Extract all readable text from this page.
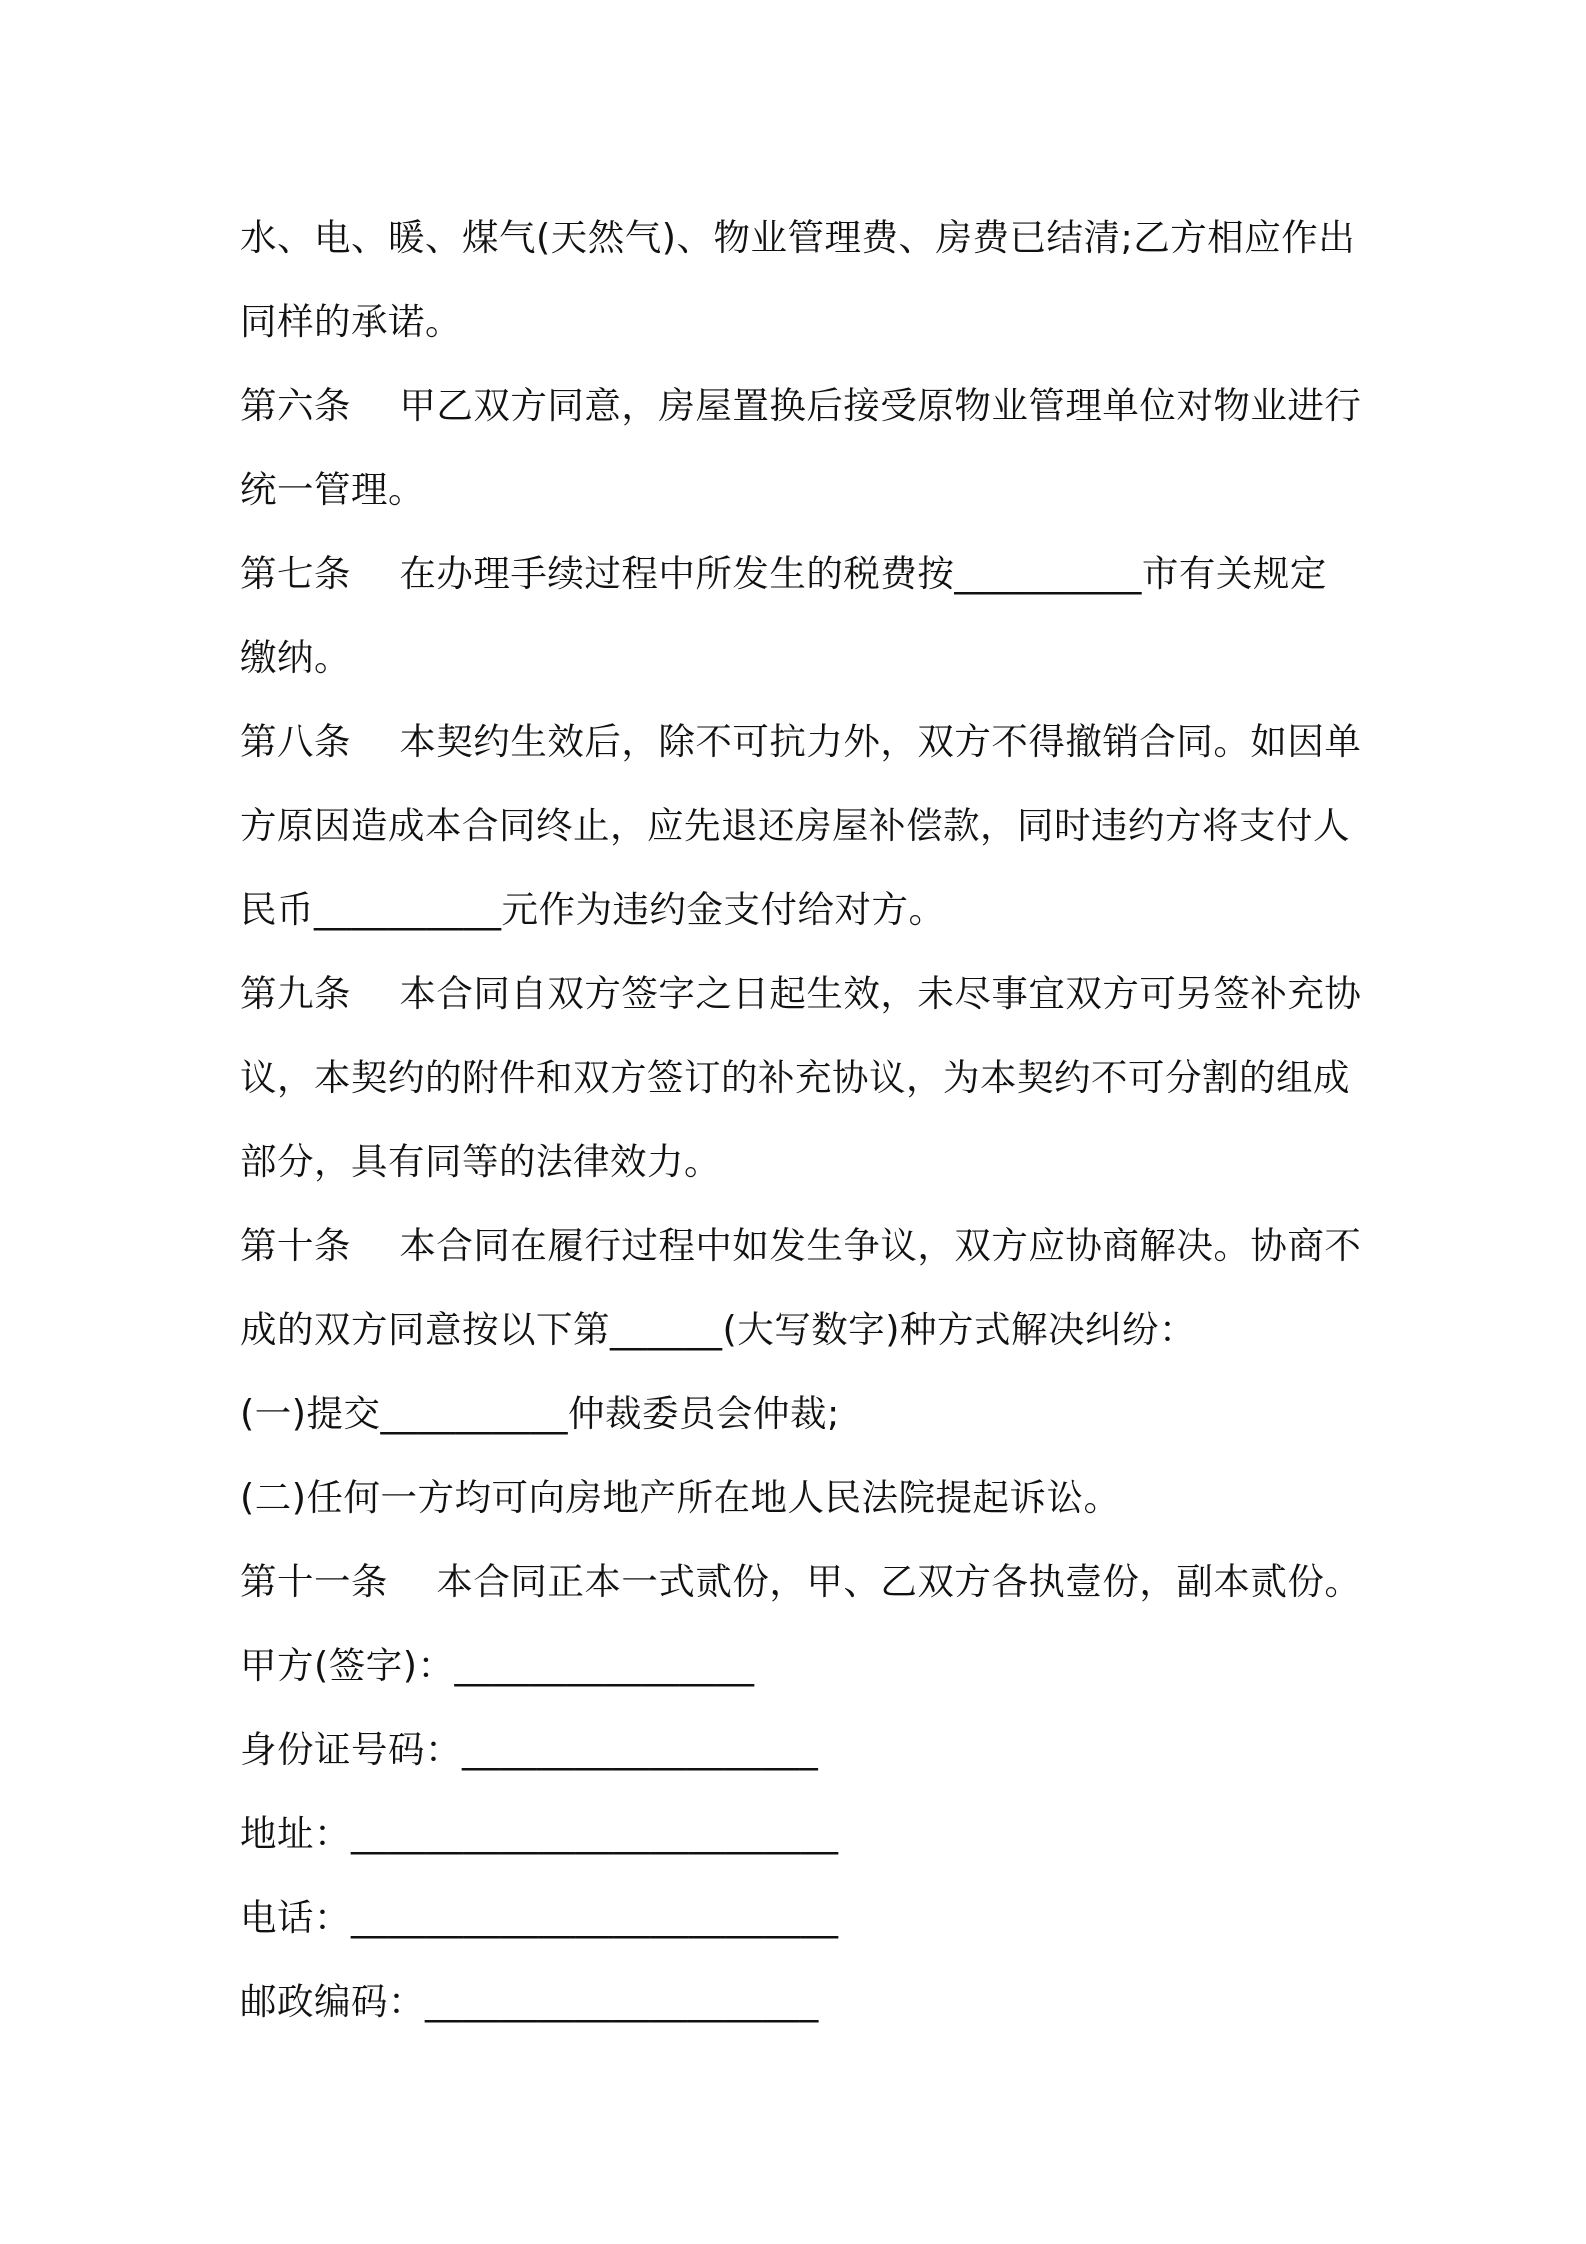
水、电、暖、煤气(天然气)、物业管理费、房费已结清;乙方相应作出
同样的承诺。
第六条    甲乙双方同意，房屋置换后接受原物业管理单位对物业进行
统一管理。
第七条    在办理手续过程中所发生的税费按__________市有关规定
缴纳。
第八条    本契约生效后，除不可抗力外，双方不得撤销合同。如因单
方原因造成本合同终止，应先退还房屋补偿款，同时违约方将支付人
民币__________元作为违约金支付给对方。
第九条    本合同自双方签字之日起生效，未尽事宜双方可另签补充协
议，本契约的附件和双方签订的补充协议，为本契约不可分割的组成
部分，具有同等的法律效力。
第十条    本合同在履行过程中如发生争议，双方应协商解决。协商不
成的双方同意按以下第______(大写数字)种方式解决纠纷：
(一)提交__________仲裁委员会仲裁;
(二)任何一方均可向房地产所在地人民法院提起诉讼。
第十一条    本合同正本一式贰份，甲、乙双方各执壹份，副本贰份。
甲方(签字)：________________
身份证号码：___________________
地址：__________________________
电话：__________________________
邮政编码：_____________________
